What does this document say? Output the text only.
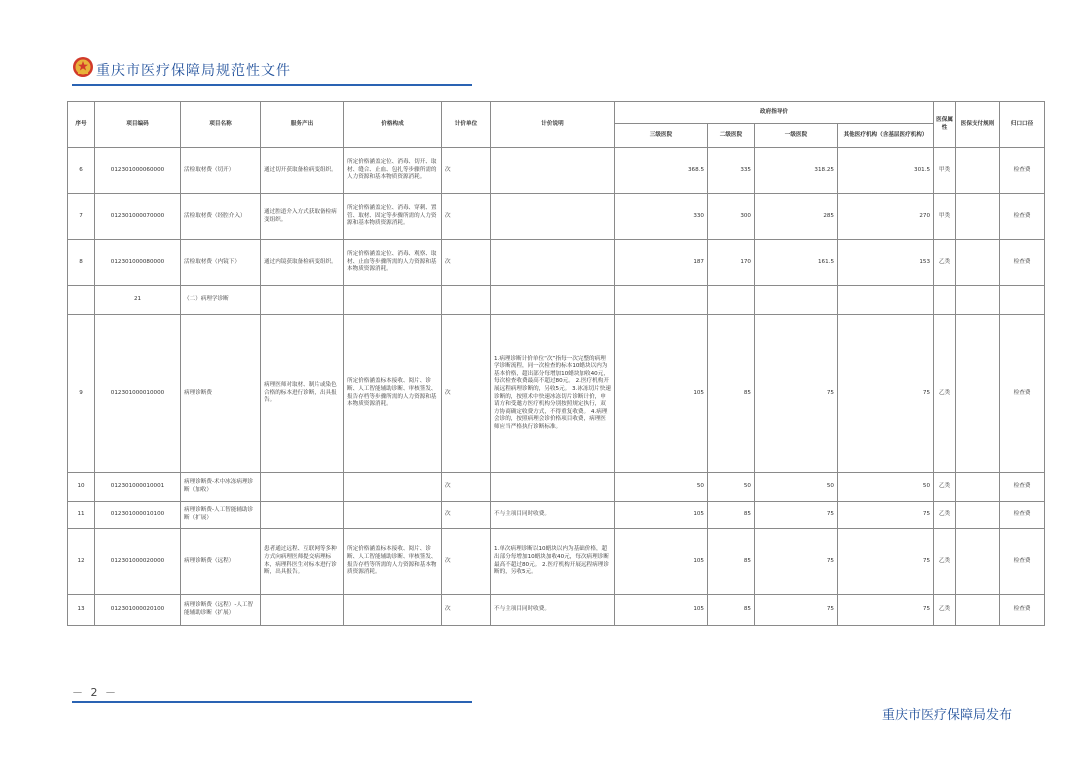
重庆市医疗保障局规范性文件
序号	项目编码	项目名称	服务产出	价格构成	计价单位	计价说明	政府指导价				医保属性	医保支付规则	归口口径
							三级医院	二级医院	一级医院	其他医疗机构（含基层医疗机构）			
6	012301000060000	活检取材费（切开）	通过切开获取备检病变组织。	所定价格涵盖定位、消毒、切开、取材、缝合、止血、包扎等步骤所需的人力资源和基本物质资源消耗。	次		368.5	335	318.25	301.5	甲类		检查费
7	012301000070000	活检取材费（经腔介入）	通过腔道介入方式获取备检病变组织。	所定价格涵盖定位、消毒、穿刺、置管、取材、固定等步骤所需的人力资源和基本物质资源消耗。	次		330	300	285	270	甲类		检查费
8	012301000080000	活检取材费（内镜下）	通过内镜获取备检病变组织。	所定价格涵盖定位、消毒、观察、取材、止血等步骤所需的人力资源和基本物质资源消耗。	次		187	170	161.5	153	乙类		检查费
	21	（二）病理学诊断											
9	012301000010000	病理诊断费	病理医师对取材、制片或染色合格的标本进行诊断，出具报告。	所定价格涵盖标本接收、阅片、诊断、人工智能辅助诊断、审核签发、报告存档等步骤所需的人力资源和基本物质资源消耗。	次	1.病理诊断计价单位“次”指每一次完整的病理学诊断流程，同一次检查的标本10蜡块以内为基本价格，超出部分每增加10蜡块加收40元，每次检查收费最高不超过80元。 2.医疗机构开展远程病理诊断的，另收5元。 3.冰冻切片快速诊断的，按照术中快速冰冻切片诊断计价，申请方和受邀方医疗机构分别按照规定执行，双方协商确定收费方式，不得重复收费。 4.病理会诊的，按照病理会诊价格项目收费，病理医师应当严格执行诊断标准。	105	85	75	75	乙类		检查费
10	012301000010001	病理诊断费-术中冰冻病理诊断（加收）			次		50	50	50	50	乙类		检查费
11	012301000010100	病理诊断费-人工智能辅助诊断（扩展）			次	不与主项目同时收费。	105	85	75	75	乙类		检查费
12	012301000020000	病理诊断费（远程）	患者通过远程、互联网等多种方式向病理医师提交病理标本，病理科医生对标本进行诊断，出具报告。	所定价格涵盖标本接收、阅片、诊断、人工智能辅助诊断、审核签发、报告存档等所需的人力资源和基本物质资源消耗。	次	1.单次病理诊断以10蜡块以内为基础价格，超出部分每增加10蜡块加收40元，每次病理诊断最高不超过80元。 2.医疗机构开展远程病理诊断的，另收5元。	105	85	75	75	乙类		检查费
13	012301000020100	病理诊断费（远程）-人工智能辅助诊断（扩展）			次	不与主项目同时收费。	105	85	75	75	乙类		检查费
－ 2 －
重庆市医疗保障局发布
